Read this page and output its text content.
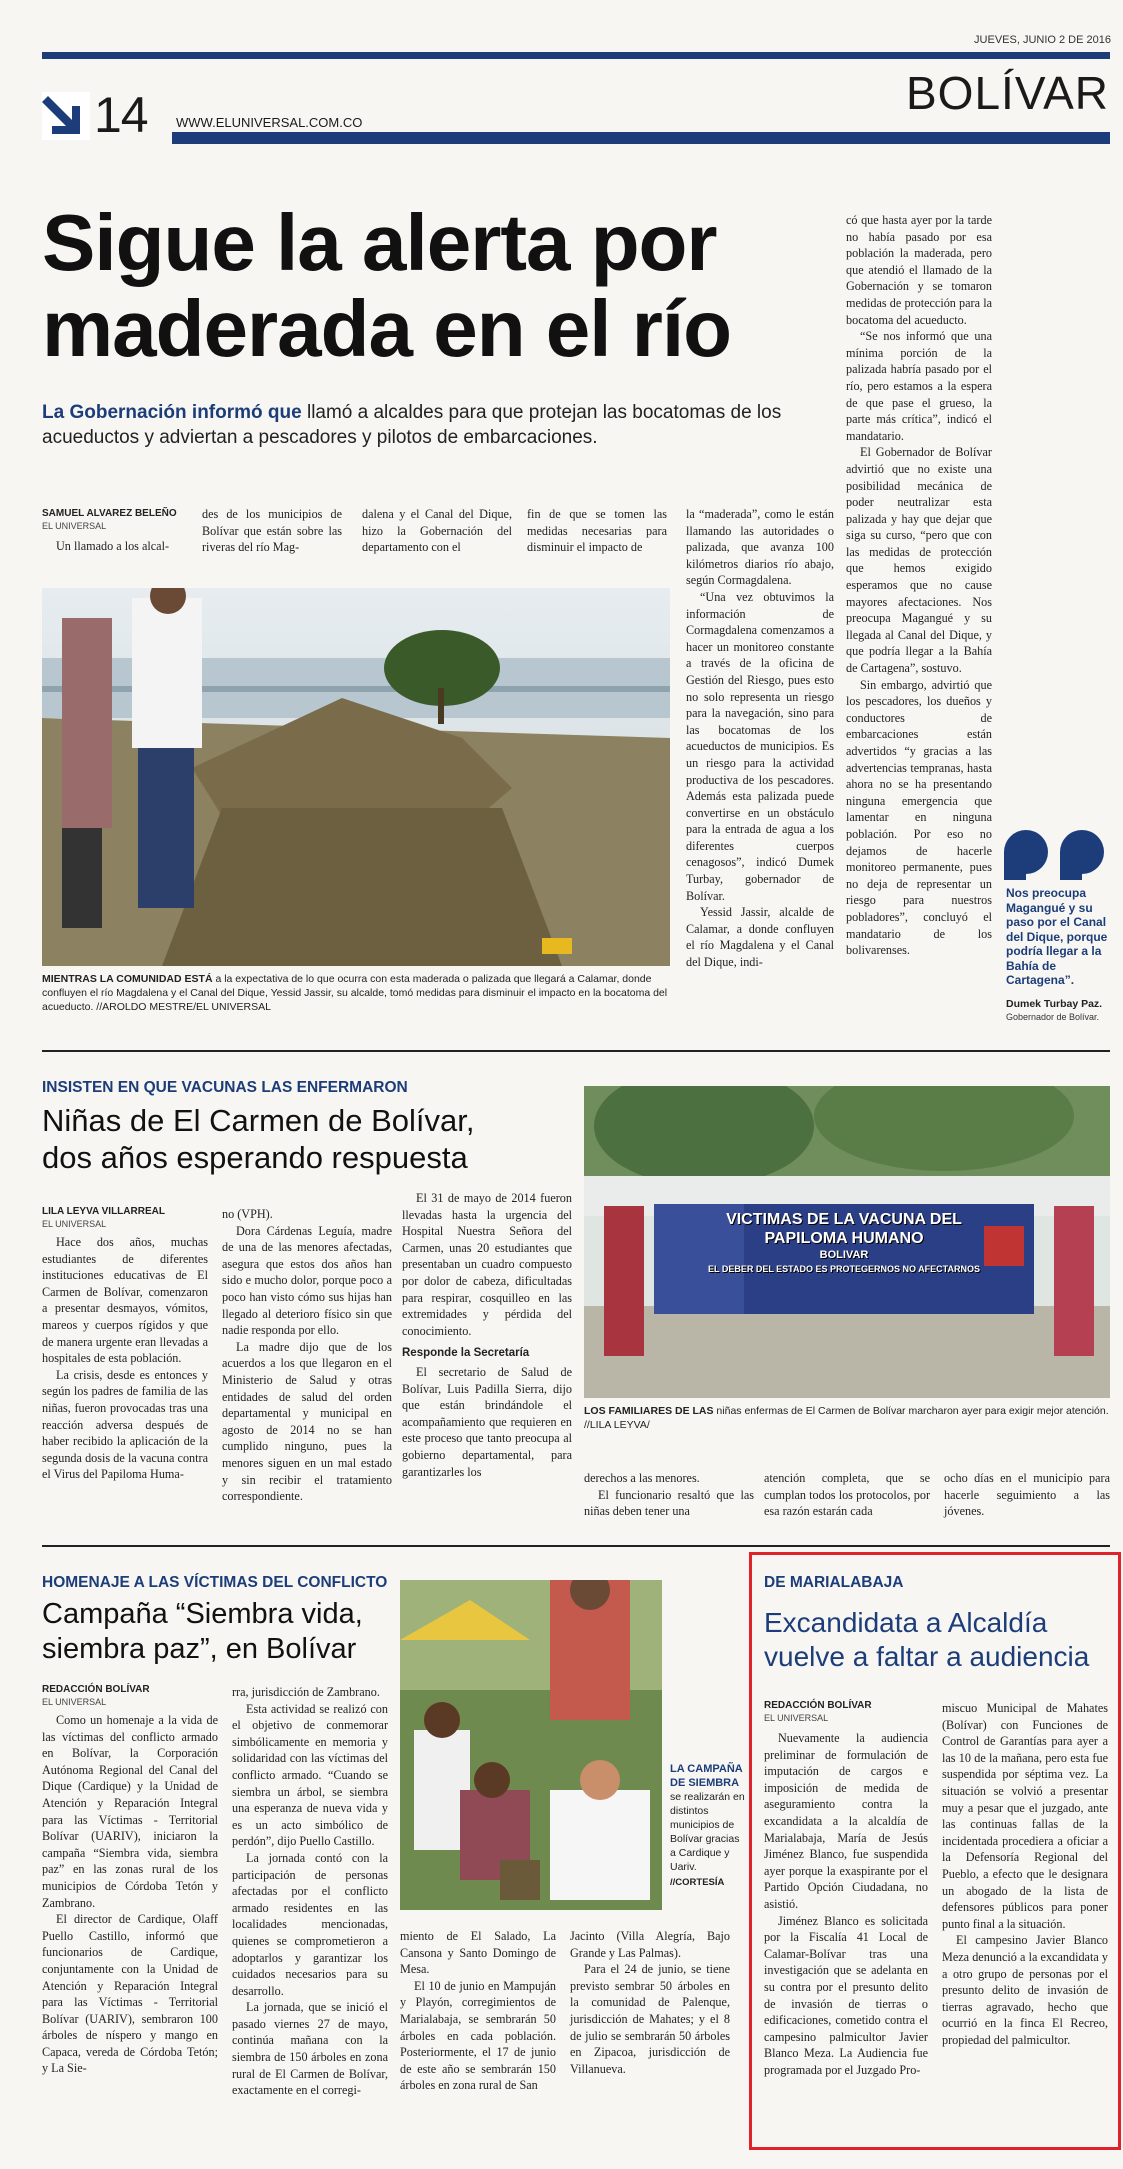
JUEVES, JUNIO 2 DE 2016
14 WWW.ELUNIVERSAL.COM.CO
BOLÍVAR
Sigue la alerta por
maderada en el río
La Gobernación informó que llamó a alcaldes para que protejan las bocatomas de los acueductos y adviertan a pescadores y pilotos de embarcaciones.
SAMUEL ALVAREZ BELEÑO
EL UNIVERSAL

Un llamado a los alcal-

des de los municipios de Bolívar que están sobre las riveras del río Mag-

dalena y el Canal del Dique, hizo la Gobernación del departamento con el

fin de que se tomen las medidas necesarias para disminuir el impacto de

la “maderada”, como le están llamando las autoridades o palizada, que avanza 100 kilómetros diarios río abajo, según Cormagdalena.

“Una vez obtuvimos la información de Cormagdalena comenzamos a hacer un monitoreo constante a través de la oficina de Gestión del Riesgo, pues esto no solo representa un riesgo para la navegación, sino para las bocatomas de los acueductos de municipios. Es un riesgo para la actividad productiva de los pescadores. Además esta palizada puede convertirse en un obstáculo para la entrada de agua a los diferentes cuerpos cenagosos”, indicó Dumek Turbay, gobernador de Bolívar.

Yessid Jassir, alcalde de Calamar, a donde confluyen el río Magdalena y el Canal del Dique, indi-

có que hasta ayer por la tarde no había pasado por esa población la maderada, pero que atendió el llamado de la Gobernación y se tomaron medidas de protección para la bocatoma del acueducto.

“Se nos informó que una mínima porción de la palizada habría pasado por el río, pero estamos a la espera de que pase el grueso, la parte más crítica”, indicó el mandatario.

El Gobernador de Bolívar advirtió que no existe una posibilidad mecánica de poder neutralizar esta palizada y hay que dejar que siga su curso, “pero que con las medidas de protección que hemos exigido esperamos que no cause mayores afectaciones. Nos preocupa Magangué y su llegada al Canal del Dique, y que podría llegar a la Bahía de Cartagena”, sostuvo.

Sin embargo, advirtió que los pescadores, los dueños y conductores de embarcaciones están advertidos “y gracias a las advertencias tempranas, hasta ahora no se ha presentando ninguna emergencia que lamentar en ninguna población. Por eso no dejamos de hacerle monitoreo permanente, pues no deja de representar un riesgo para nuestros pobladores”, concluyó el mandatario de los bolivarenses.

MIENTRAS LA COMUNIDAD ESTÁ a la expectativa de lo que ocurra con esta maderada o palizada que llegará a Calamar, donde confluyen el río Magdalena y el Canal del Dique, Yessid Jassir, su alcalde, tomó medidas para disminuir el impacto en la bocatoma del acueducto. //AROLDO MESTRE/EL UNIVERSAL
Nos preocupa Magangué y su paso por el Canal del Dique, porque podría llegar a la Bahía de Cartagena”.
Dumek Turbay Paz.
Gobernador de Bolívar.
INSISTEN EN QUE VACUNAS LAS ENFERMARON
Niñas de El Carmen de Bolívar,
dos años esperando respuesta
LILA LEYVA VILLARREAL
EL UNIVERSAL

Hace dos años, muchas estudiantes de diferentes instituciones educativas de El Carmen de Bolívar, comenzaron a presentar desmayos, vómitos, mareos y cuerpos rígidos y que de manera urgente eran llevadas a hospitales de esta población.

La crisis, desde es entonces y según los padres de familia de las niñas, fueron provocadas tras una reacción adversa después de haber recibido la aplicación de la segunda dosis de la vacuna contra el Virus del Papiloma Huma-

no (VPH).

Dora Cárdenas Leguía, madre de una de las menores afectadas, asegura que estos dos años han sido e mucho dolor, porque poco a poco han visto cómo sus hijas han llegado al deterioro físico sin que nadie responda por ello.

La madre dijo que de los acuerdos a los que llegaron en el Ministerio de Salud y otras entidades de salud del orden departamental y municipal en agosto de 2014 no se han cumplido ninguno, pues la menores siguen en un mal estado y sin recibir el tratamiento correspondiente.

El 31 de mayo de 2014 fueron llevadas hasta la urgencia del Hospital Nuestra Señora del Carmen, unas 20 estudiantes que presentaban un cuadro compuesto por dolor de cabeza, dificultadas para respirar, cosquilleo en las extremidades y pérdida del conocimiento.

Responde la Secretaría

El secretario de Salud de Bolívar, Luis Padilla Sierra, dijo que están brindándole el acompañamiento que requieren en este proceso que tanto preocupa al gobierno departamental, para garantizarles los	derechos a las menores.

El funcionario resaltó que las niñas deben tener una

atención completa, que se cumplan todos los protocolos, por esa razón estarán cada

ocho días en el municipio para hacerle seguimiento a las jóvenes.

VICTIMAS DE LA VACUNA DEL
PAPILOMA HUMANO
BOLIVAR
EL DEBER DEL ESTADO ES PROTEGERNOS NO AFECTARNOS
LOS FAMILIARES DE LAS niñas enfermas de El Carmen de Bolívar marcharon ayer para exigir mejor atención. //LILA LEYVA/
HOMENAJE A LAS VÍCTIMAS DEL CONFLICTO
Campaña “Siembra vida,
siembra paz”, en Bolívar
REDACCIÓN BOLÍVAR
EL UNIVERSAL

Como un homenaje a la vida de las víctimas del conflicto armado en Bolívar, la Corporación Autónoma Regional del Canal del Dique (Cardique) y la Unidad de Atención y Reparación Integral para las Víctimas - Territorial Bolívar (UARIV), iniciaron la campaña “Siembra vida, siembra paz” en las zonas rural de los municipios de Córdoba Tetón y Zambrano.

El director de Cardique, Olaff Puello Castillo, informó que funcionarios de Cardique, conjuntamente con la Unidad de Atención y Reparación Integral para las Víctimas - Territorial Bolívar (UARIV), sembraron 100 árboles de níspero y mango en Capaca, vereda de Córdoba Tetón; y La Sie-

rra, jurisdicción de Zambrano.

Esta actividad se realizó con el objetivo de conmemorar simbólicamente en memoria y solidaridad con las víctimas del conflicto armado. “Cuando se siembra un árbol, se siembra una esperanza de nueva vida y es un acto simbólico de perdón”, dijo Puello Castillo.

La jornada contó con la participación de personas afectadas por el conflicto armado residentes en las localidades mencionadas, quienes se comprometieron a adoptarlos y garantizar los cuidados necesarios para su desarrollo.

La jornada, que se inició el pasado viernes 27 de mayo, continúa mañana con la siembra de 150 árboles en zona rural de El Carmen de Bolívar, exactamente en el corregi-

miento de El Salado, La Cansona y Santo Domingo de Mesa.

El 10 de junio en Mampuján y Playón, corregimientos de Marialabaja, se sembrarán 50 árboles en cada población. Posteriormente, el 17 de junio de este año se sembrarán 150 árboles en zona rural de San

Jacinto (Villa Alegría, Bajo Grande y Las Palmas).

Para el 24 de junio, se tiene previsto sembrar 50 árboles en la comunidad de Palenque, jurisdicción de Mahates; y el 8 de julio se sembrarán 50 árboles en Zipacoa, jurisdicción de Villanueva.

LA CAMPAÑA DE SIEMBRA
se realizarán en distintos municipios de Bolívar gracias a Cardique y Uariv.
//CORTESÍA
DE MARIALABAJA
Excandidata a Alcaldía
vuelve a faltar a audiencia
REDACCIÓN BOLÍVAR
EL UNIVERSAL

Nuevamente la audiencia preliminar de formulación de imputación de cargos e imposición de medida de aseguramiento contra la excandidata a la alcaldía de Marialabaja, María de Jesús Jiménez Blanco, fue suspendida ayer porque la exaspirante por el Partido Opción Ciudadana, no asistió.

Jiménez Blanco es solicitada por la Fiscalía 41 Local de Calamar-Bolívar tras una investigación que se adelanta en su contra por el presunto delito de invasión de tierras o edificaciones, cometido contra el campesino palmicultor Javier Blanco Meza. La Audiencia fue programada por el Juzgado Pro-

miscuo Municipal de Mahates (Bolívar) con Funciones de Control de Garantías para ayer a las 10 de la mañana, pero esta fue suspendida por séptima vez. La situación se volvió a presentar muy a pesar que el juzgado, ante las continuas fallas de la incidentada procediera a oficiar a la Defensoría Regional del Pueblo, a efecto que le designara un abogado de la lista de defensores públicos para poner punto final a la situación.

El campesino Javier Blanco Meza denunció a la excandidata y a otro grupo de personas por el presunto delito de invasión de tierras agravado, hecho que ocurrió en la finca El Recreo, propiedad del palmicultor.
